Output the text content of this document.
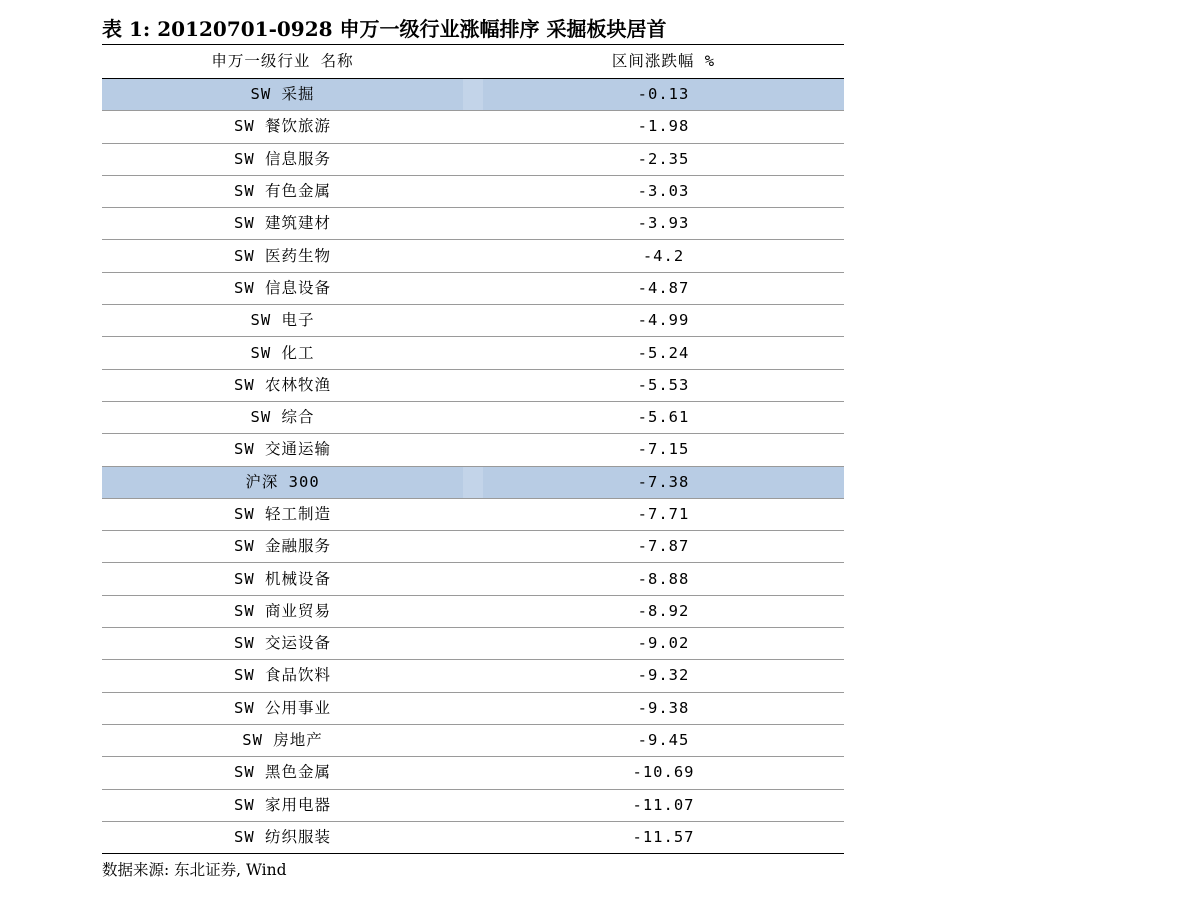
表 1: 20120701-0928 申万一级行业涨幅排序 采掘板块居首
申万一级行业 名称		区间涨跌幅 %
SW 采掘		-0.13
SW 餐饮旅游		-1.98
SW 信息服务		-2.35
SW 有色金属		-3.03
SW 建筑建材		-3.93
SW 医药生物		-4.2
SW 信息设备		-4.87
SW 电子		-4.99
SW 化工		-5.24
SW 农林牧渔		-5.53
SW 综合		-5.61
SW 交通运输		-7.15
沪深 300		-7.38
SW 轻工制造		-7.71
SW 金融服务		-7.87
SW 机械设备		-8.88
SW 商业贸易		-8.92
SW 交运设备		-9.02
SW 食品饮料		-9.32
SW 公用事业		-9.38
SW 房地产		-9.45
SW 黑色金属		-10.69
SW 家用电器		-11.07
SW 纺织服装		-11.57
数据来源: 东北证券, Wind
